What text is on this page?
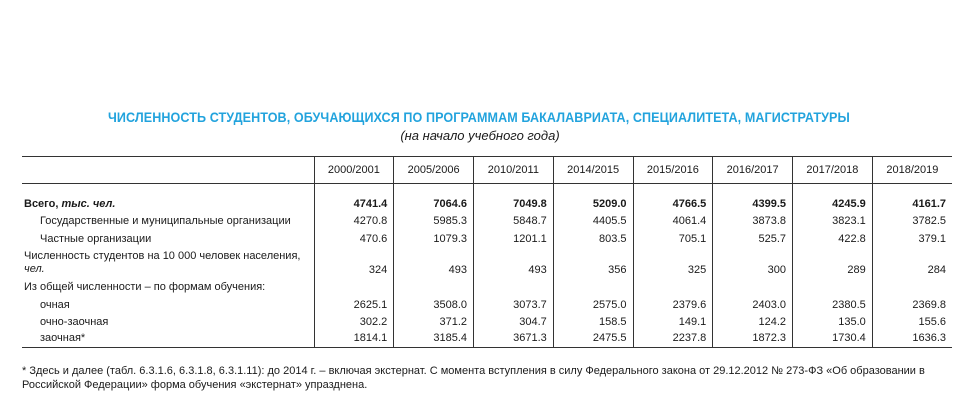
ЧИСЛЕННОСТЬ СТУДЕНТОВ, ОБУЧАЮЩИХСЯ ПО ПРОГРАММАМ БАКАЛАВРИАТА, СПЕЦИАЛИТЕТА, МАГИСТРАТУРЫ
(на начало учебного года)
	2000/2001	2005/2006	2010/2011	2014/2015	2015/2016	2016/2017	2017/2018	2018/2019

Всего, тыс. чел.	4741.4	7064.6	7049.8	5209.0	4766.5	4399.5	4245.9	4161.7
Государственные и муниципальные организации	4270.8	5985.3	5848.7	4405.5	4061.4	3873.8	3823.1	3782.5
Частные организации	470.6	1079.3	1201.1	803.5	705.1	525.7	422.8	379.1
Численность студентов на 10 000 человек населения, чел.	324	493	493	356	325	300	289	284
Из общей численности – по формам обучения:								
очная	2625.1	3508.0	3073.7	2575.0	2379.6	2403.0	2380.5	2369.8
очно-заочная	302.2	371.2	304.7	158.5	149.1	124.2	135.0	155.6
заочная*	1814.1	3185.4	3671.3	2475.5	2237.8	1872.3	1730.4	1636.3
* Здесь и далее (табл. 6.3.1.6, 6.3.1.8, 6.3.1.11): до 2014 г. – включая экстернат. С момента вступления в силу Федерального закона от 29.12.2012 № 273-ФЗ «Об образовании в Российской Федерации» форма обучения «экстернат» упразднена.
